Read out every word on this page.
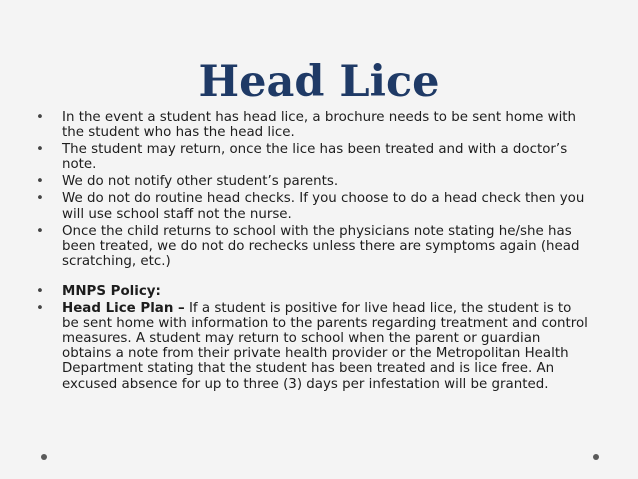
Head Lice
• In the event a student has head lice, a brochure needs to be sent home with the student who has the head lice.
• The student may return, once the lice has been treated and with a doctor’s note.
• We do not notify other student’s parents.
• We do not do routine head checks. If you choose to do a head check then you will use school staff not the nurse.
• Once the child returns to school with the physicians note stating he/she has been treated, we do not do rechecks unless there are symptoms again (head scratching, etc.)
• MNPS Policy:
• Head Lice Plan – If a student is positive for live head lice, the student is to be sent home with information to the parents regarding treatment and control measures. A student may return to school when the parent or guardian obtains a note from their private health provider or the Metropolitan Health Department stating that the student has been treated and is lice free. An excused absence for up to three (3) days per infestation will be granted.
